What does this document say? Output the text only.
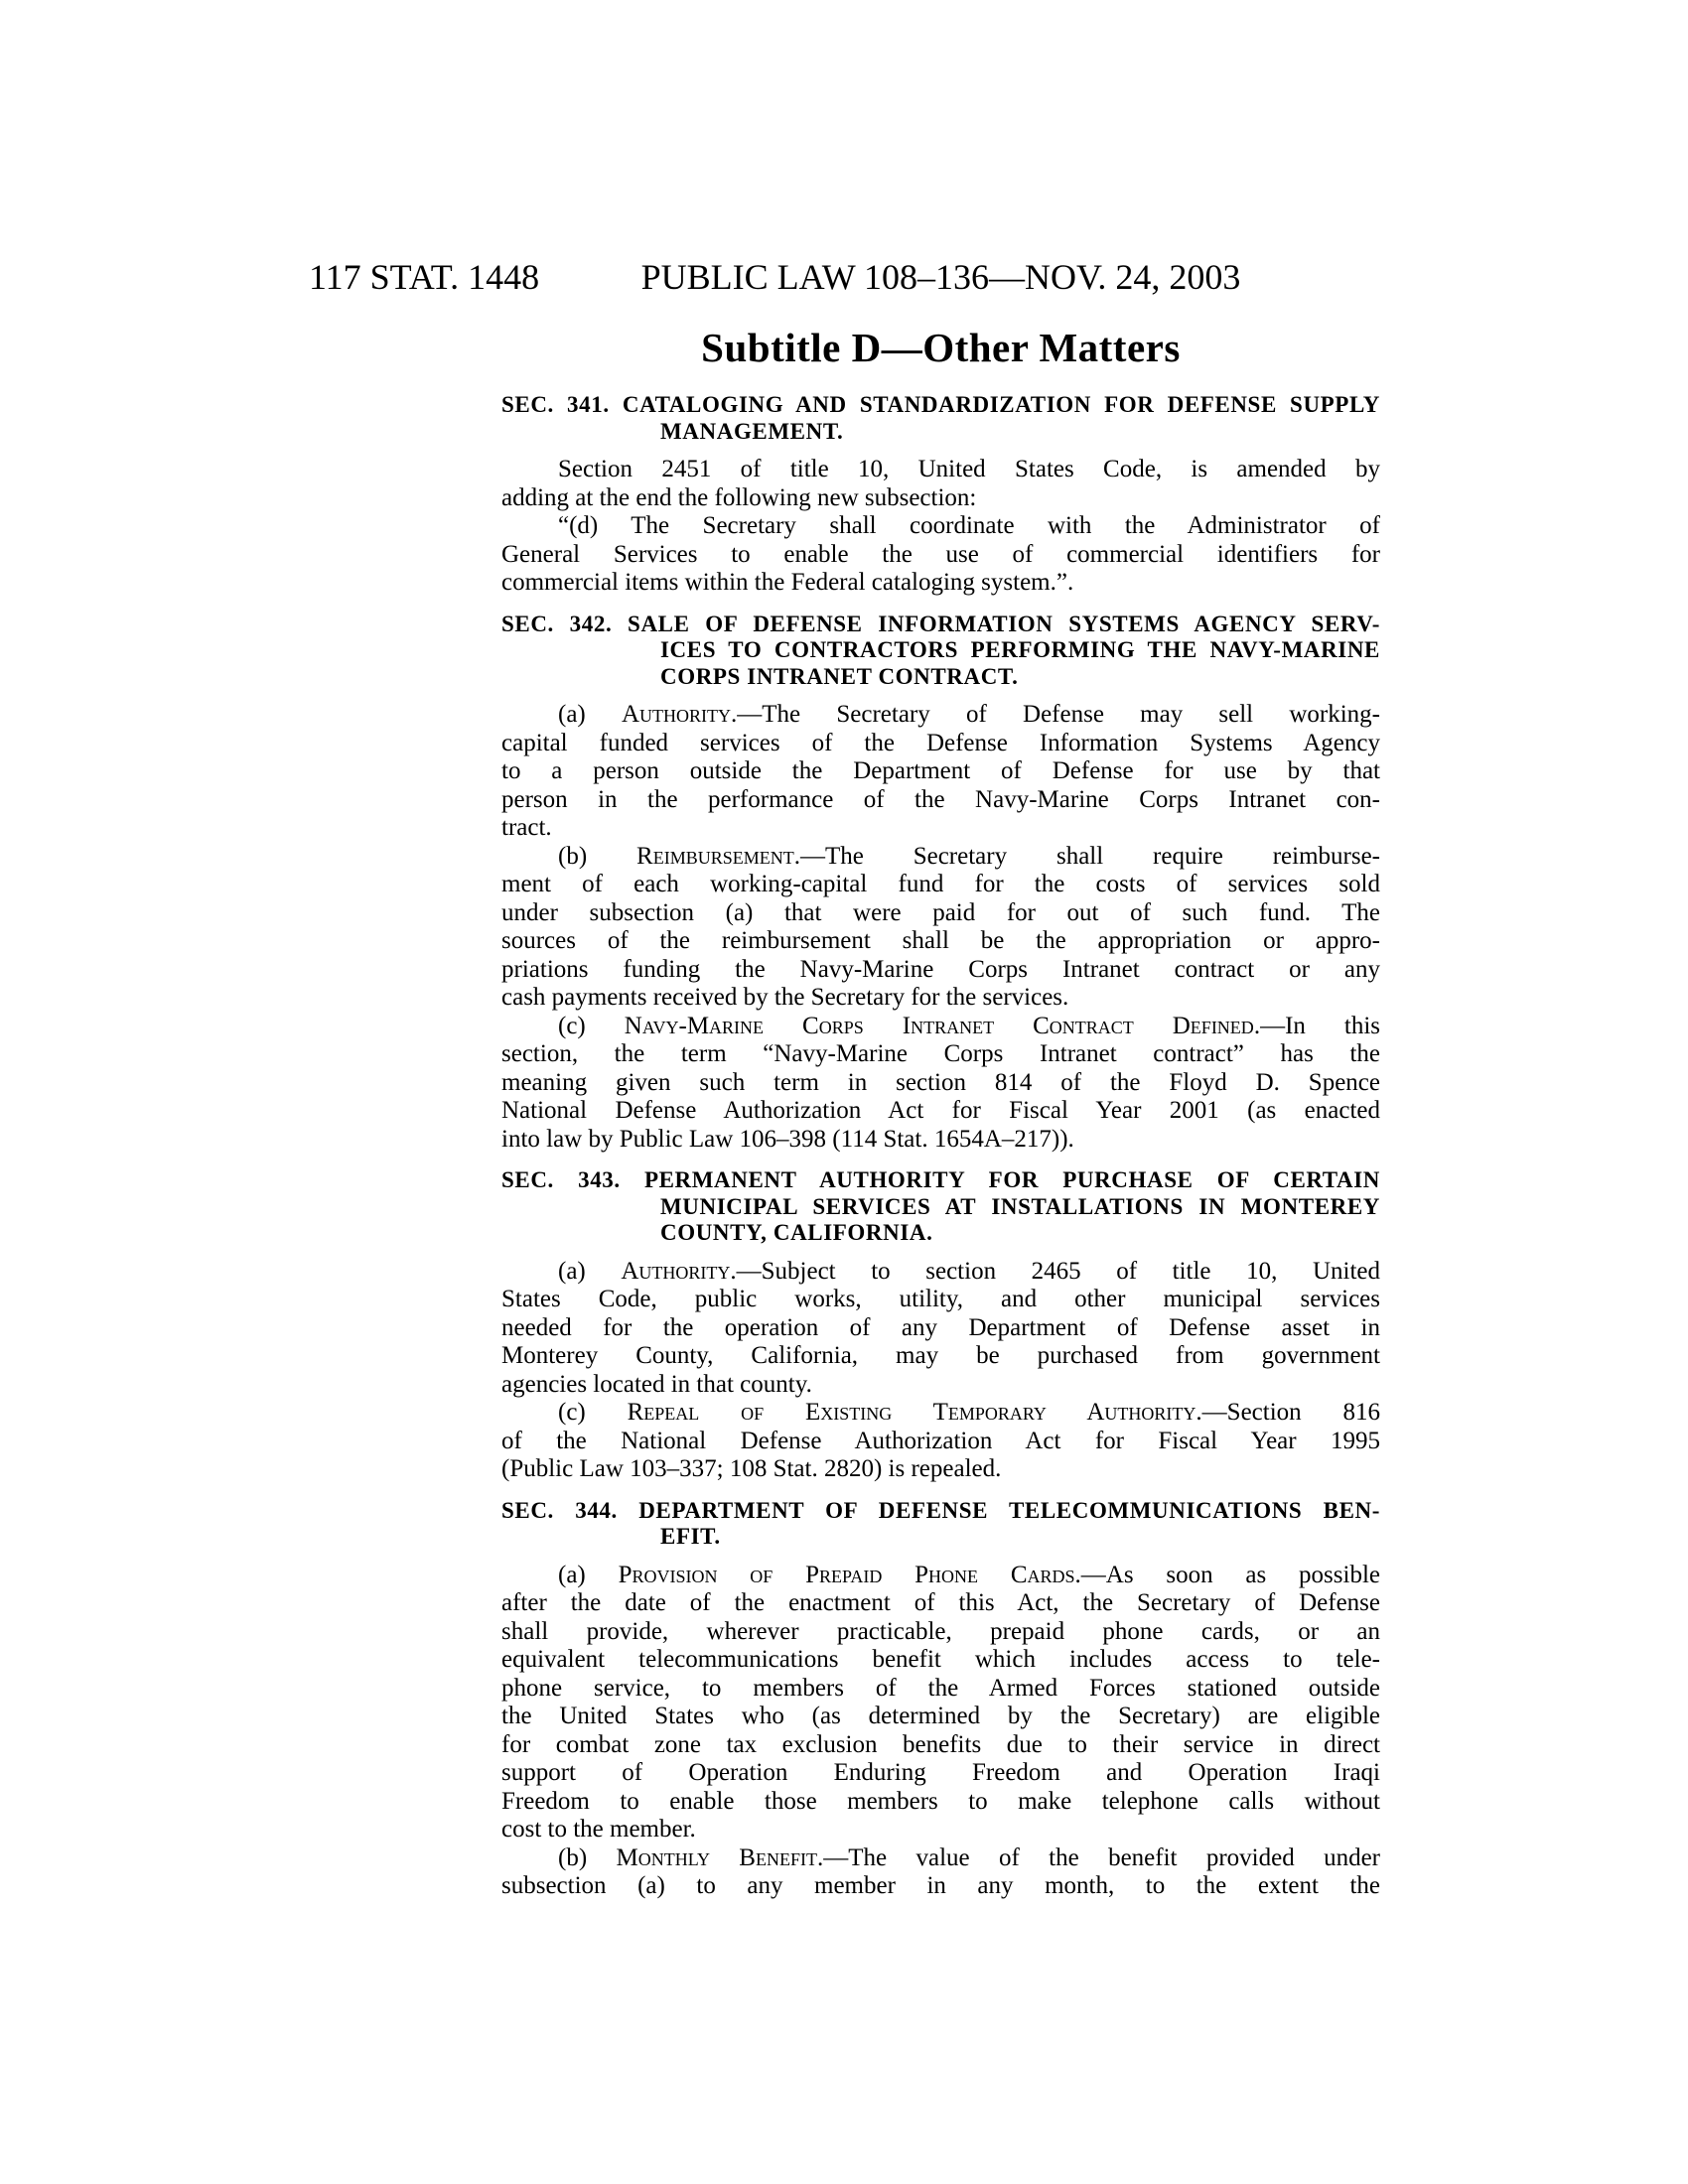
117 STAT. 1448	PUBLIC LAW 108–136—NOV. 24, 2003
Subtitle D—Other Matters
SEC. 341. CATALOGING AND STANDARDIZATION FOR DEFENSE SUPPLY
MANAGEMENT.
Section 2451 of title 10, United States Code, is amended by
adding at the end the following new subsection:
“(d) The Secretary shall coordinate with the Administrator of
General Services to enable the use of commercial identifiers for
commercial items within the Federal cataloging system.”.
SEC. 342. SALE OF DEFENSE INFORMATION SYSTEMS AGENCY SERV-
ICES TO CONTRACTORS PERFORMING THE NAVY-MARINE
CORPS INTRANET CONTRACT.
(a) Authority.—The Secretary of Defense may sell working-
capital funded services of the Defense Information Systems Agency
to a person outside the Department of Defense for use by that
person in the performance of the Navy-Marine Corps Intranet con-
tract.
(b) Reimbursement.—The Secretary shall require reimburse-
ment of each working-capital fund for the costs of services sold
under subsection (a) that were paid for out of such fund. The
sources of the reimbursement shall be the appropriation or appro-
priations funding the Navy-Marine Corps Intranet contract or any
cash payments received by the Secretary for the services.
(c) Navy-Marine Corps Intranet Contract Defined.—In this
section, the term “Navy-Marine Corps Intranet contract” has the
meaning given such term in section 814 of the Floyd D. Spence
National Defense Authorization Act for Fiscal Year 2001 (as enacted
into law by Public Law 106–398 (114 Stat. 1654A–217)).
SEC. 343. PERMANENT AUTHORITY FOR PURCHASE OF CERTAIN
MUNICIPAL SERVICES AT INSTALLATIONS IN MONTEREY
COUNTY, CALIFORNIA.
(a) Authority.—Subject to section 2465 of title 10, United
States Code, public works, utility, and other municipal services
needed for the operation of any Department of Defense asset in
Monterey County, California, may be purchased from government
agencies located in that county.
(c) Repeal of Existing Temporary Authority.—Section 816
of the National Defense Authorization Act for Fiscal Year 1995
(Public Law 103–337; 108 Stat. 2820) is repealed.
SEC. 344. DEPARTMENT OF DEFENSE TELECOMMUNICATIONS BEN-
EFIT.
(a) Provision of Prepaid Phone Cards.—As soon as possible
after the date of the enactment of this Act, the Secretary of Defense
shall provide, wherever practicable, prepaid phone cards, or an
equivalent telecommunications benefit which includes access to tele-
phone service, to members of the Armed Forces stationed outside
the United States who (as determined by the Secretary) are eligible
for combat zone tax exclusion benefits due to their service in direct
support of Operation Enduring Freedom and Operation Iraqi
Freedom to enable those members to make telephone calls without
cost to the member.
(b) Monthly Benefit.—The value of the benefit provided under
subsection (a) to any member in any month, to the extent the
